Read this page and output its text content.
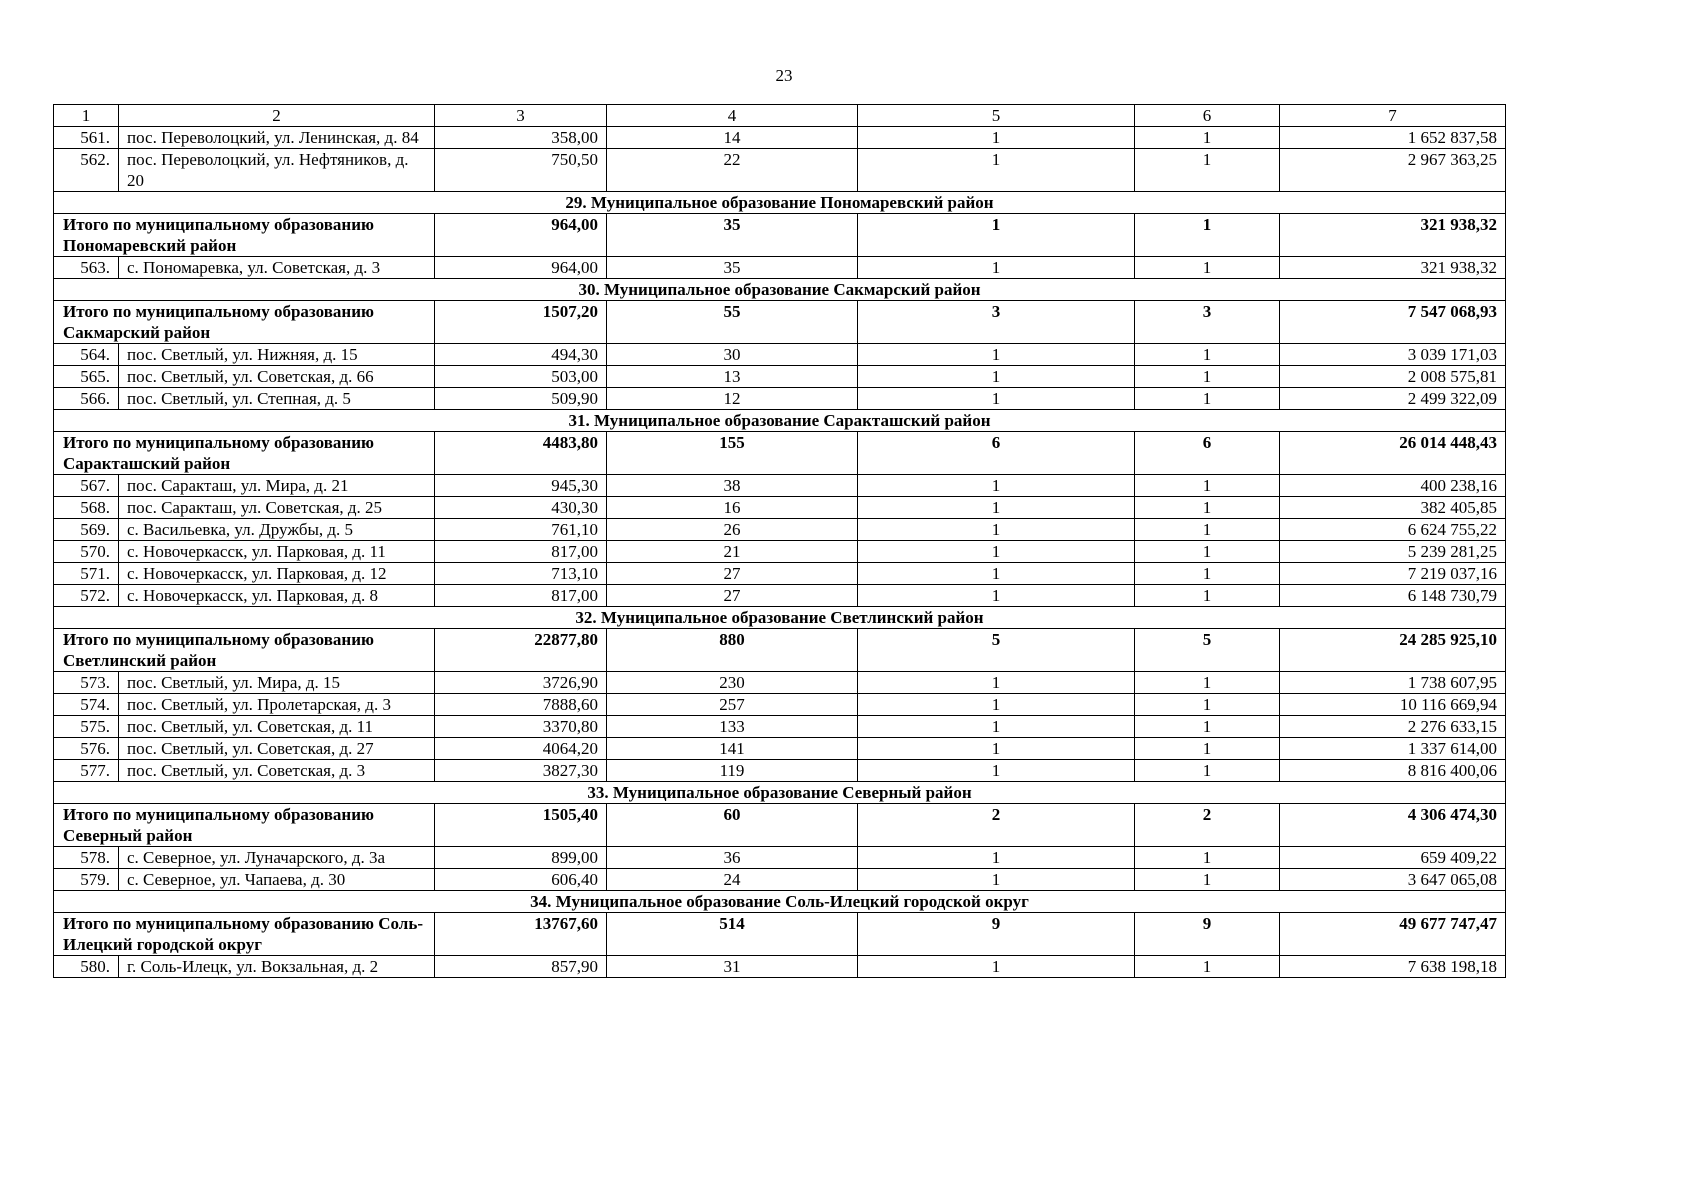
23
1	2	3	4	5	6	7
561.	пос. Переволоцкий, ул. Ленинская, д. 84	358,00	14	1	1	1 652 837,58
562.	пос. Переволоцкий, ул. Нефтяников, д. 20	750,50	22	1	1	2 967 363,25
29. Муниципальное образование Пономаревский район						
Итого по муниципальному образованию Пономаревский район		964,00	35	1	1	321 938,32
563.	с. Пономаревка, ул. Советская, д. 3	964,00	35	1	1	321 938,32
30. Муниципальное образование Сакмарский район						
Итого по муниципальному образованию Сакмарский район		1507,20	55	3	3	7 547 068,93
564.	пос. Светлый, ул. Нижняя, д. 15	494,30	30	1	1	3 039 171,03
565.	пос. Светлый, ул. Советская, д. 66	503,00	13	1	1	2 008 575,81
566.	пос. Светлый, ул. Степная, д. 5	509,90	12	1	1	2 499 322,09
31. Муниципальное образование Саракташский район						
Итого по муниципальному образованию Саракташский район		4483,80	155	6	6	26 014 448,43
567.	пос. Саракташ, ул. Мира, д. 21	945,30	38	1	1	400 238,16
568.	пос. Саракташ, ул. Советская, д. 25	430,30	16	1	1	382 405,85
569.	с. Васильевка, ул. Дружбы, д. 5	761,10	26	1	1	6 624 755,22
570.	с. Новочеркасск, ул. Парковая, д. 11	817,00	21	1	1	5 239 281,25
571.	с. Новочеркасск, ул. Парковая, д. 12	713,10	27	1	1	7 219 037,16
572.	с. Новочеркасск, ул. Парковая, д. 8	817,00	27	1	1	6 148 730,79
32. Муниципальное образование Светлинский район						
Итого по муниципальному образованию Светлинский район		22877,80	880	5	5	24 285 925,10
573.	пос. Светлый, ул. Мира, д. 15	3726,90	230	1	1	1 738 607,95
574.	пос. Светлый, ул. Пролетарская, д. 3	7888,60	257	1	1	10 116 669,94
575.	пос. Светлый, ул. Советская, д. 11	3370,80	133	1	1	2 276 633,15
576.	пос. Светлый, ул. Советская, д. 27	4064,20	141	1	1	1 337 614,00
577.	пос. Светлый, ул. Советская, д. 3	3827,30	119	1	1	8 816 400,06
33. Муниципальное образование Северный район						
Итого по муниципальному образованию Северный район		1505,40	60	2	2	4 306 474,30
578.	с. Северное, ул. Луначарского, д. 3а	899,00	36	1	1	659 409,22
579.	с. Северное, ул. Чапаева, д. 30	606,40	24	1	1	3 647 065,08
34. Муниципальное образование Соль-Илецкий городской округ						
Итого по муниципальному образованию Соль-Илецкий городской округ		13767,60	514	9	9	49 677 747,47
580.	г. Соль-Илецк, ул. Вокзальная, д. 2	857,90	31	1	1	7 638 198,18
